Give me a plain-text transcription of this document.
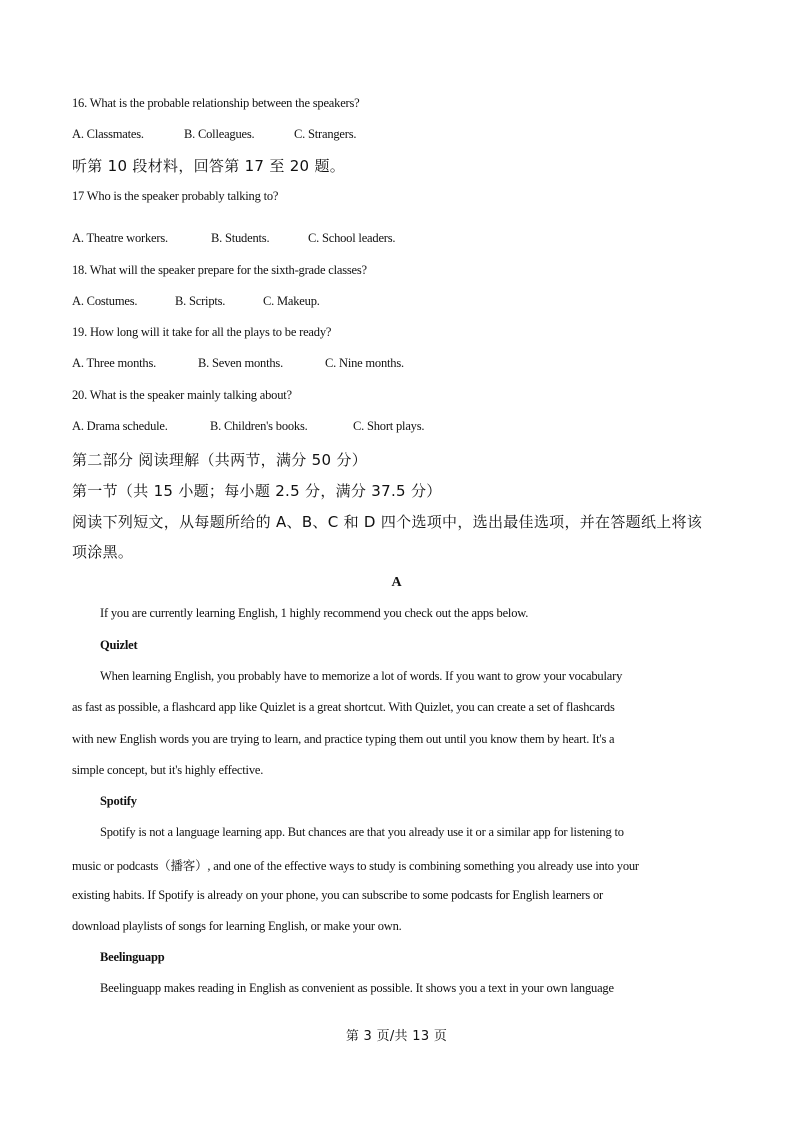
16. What is the probable relationship between the speakers?
A. Classmates.	B. Colleagues.	C. Strangers.
听第 10 段材料，回答第 17 至 20 题。
17 Who is the speaker probably talking to?
A. Theatre workers.	B. Students.	C. School leaders.
18. What will the speaker prepare for the sixth-grade classes?
A. Costumes.	B. Scripts.	C. Makeup.
19. How long will it take for all the plays to be ready?
A. Three months.	B. Seven months.	C. Nine months.
20. What is the speaker mainly talking about?
A. Drama schedule.	B. Children's books.	C. Short plays.
第二部分 阅读理解（共两节，满分 50 分）
第一节（共 15 小题；每小题 2.5 分，满分 37.5 分）
阅读下列短文，从每题所给的 A、B、C 和 D 四个选项中，选出最佳选项，并在答题纸上将该
项涂黑。
A
If you are currently learning English, 1 highly recommend you check out the apps below.
Quizlet
When learning English, you probably have to memorize a lot of words. If you want to grow your vocabulary
as fast as possible, a flashcard app like Quizlet is a great shortcut. With Quizlet, you can create a set of flashcards
with new English words you are trying to learn, and practice typing them out until you know them by heart. It's a
simple concept, but it's highly effective.
Spotify
Spotify is not a language learning app. But chances are that you already use it or a similar app for listening to
music or podcasts（播客）, and one of the effective ways to study is combining something you already use into your
existing habits. If Spotify is already on your phone, you can subscribe to some podcasts for English learners or
download playlists of songs for learning English, or make your own.
Beelinguapp
Beelinguapp makes reading in English as convenient as possible. It shows you a text in your own language
第 3 页/共 13 页
